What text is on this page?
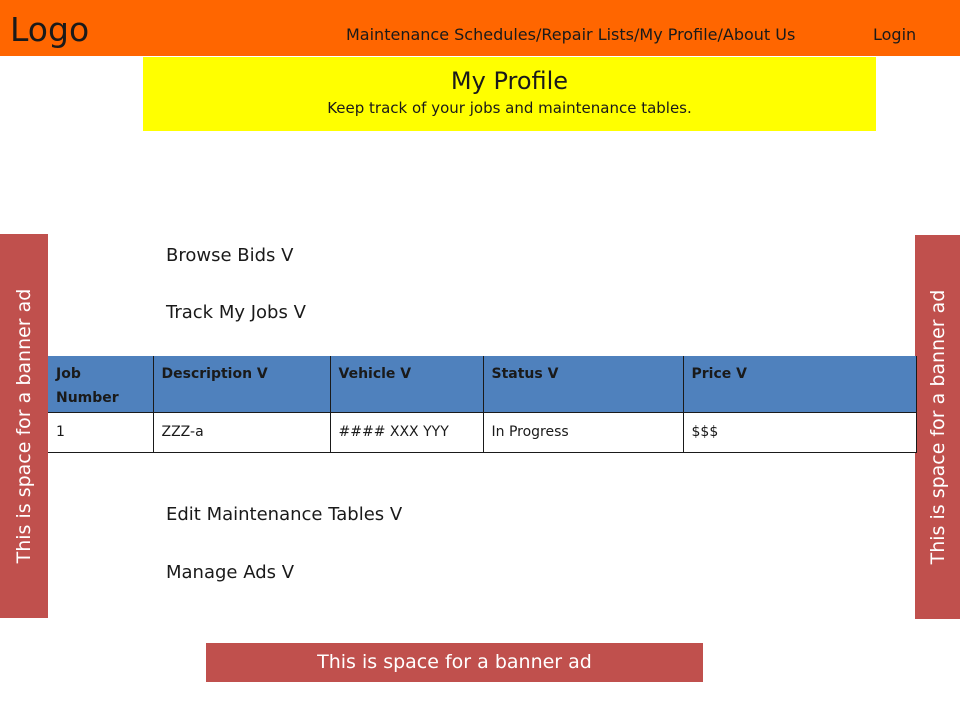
Logo	Maintenance Schedules/Repair Lists/My Profile/About Us	Login
My Profile
Keep track of your jobs and maintenance tables.
This is space for a banner ad	This is space for a banner ad
Browse Bids V
Track My Jobs V
Job Number	Description V	Vehicle V	Status V	Price V
1	ZZZ-a	#### XXX YYY	In Progress	$$$
Edit Maintenance Tables V
Manage Ads V
This is space for a banner ad
